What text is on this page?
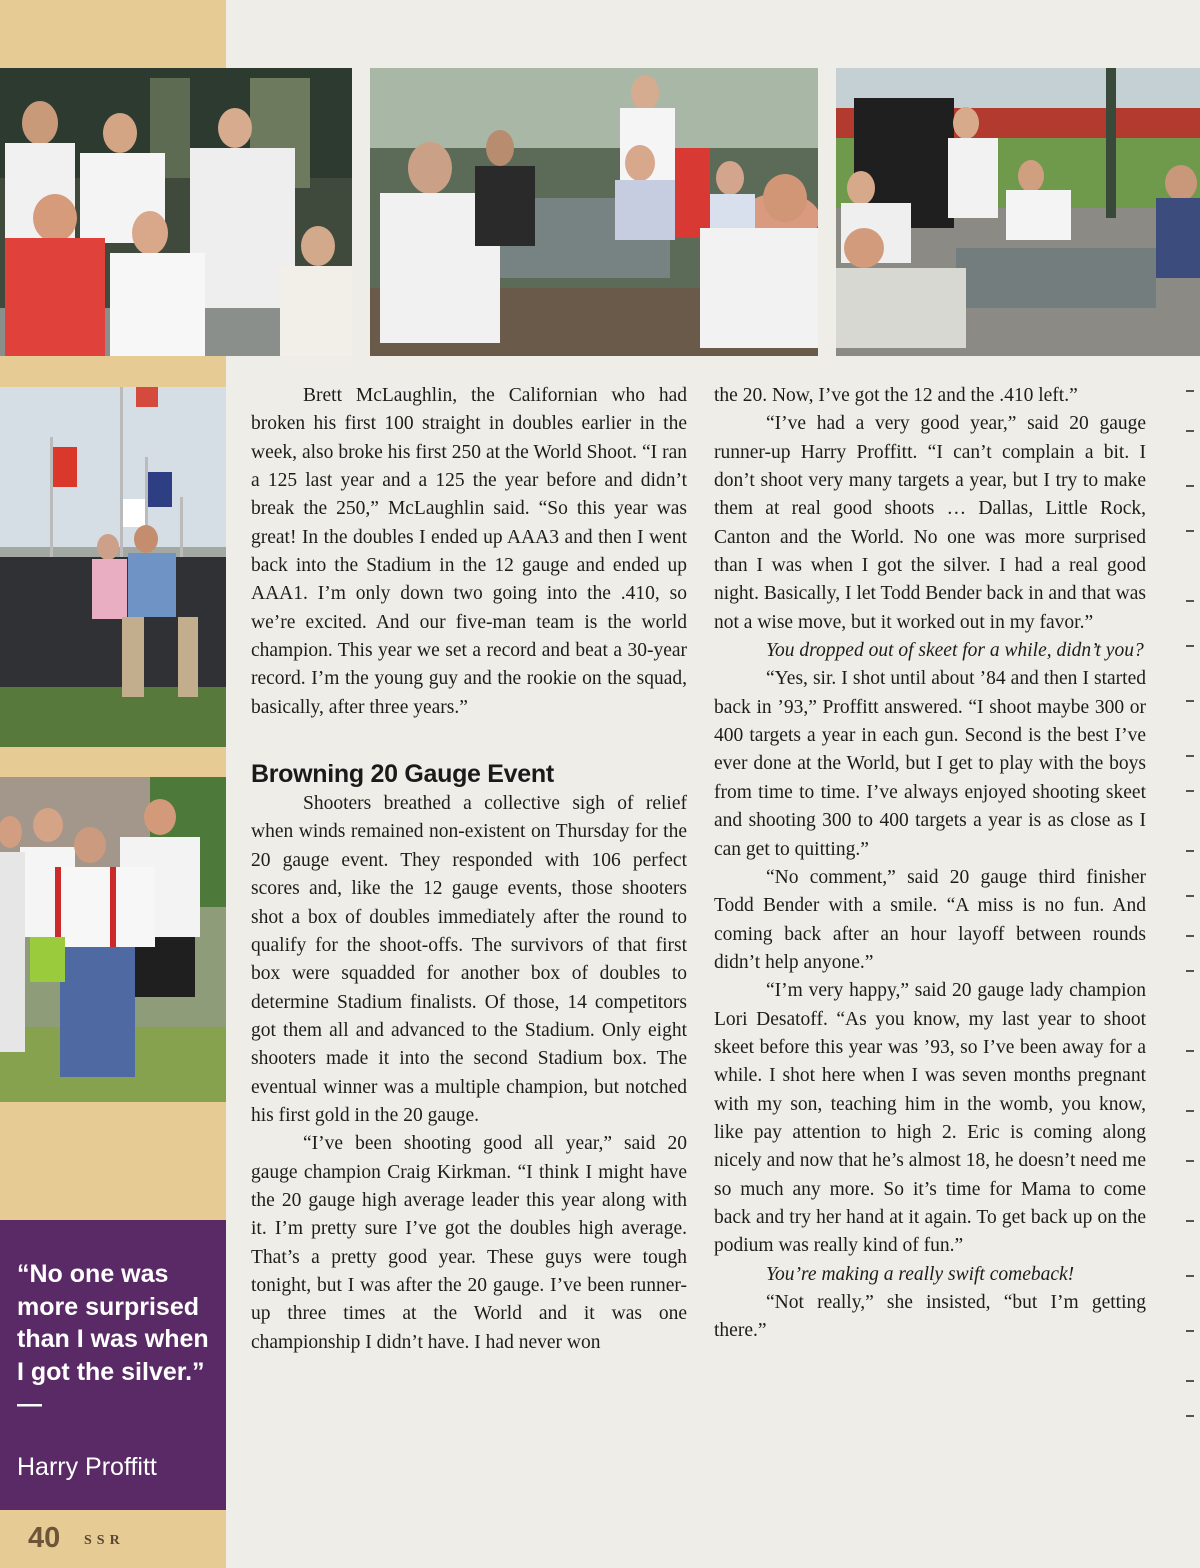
“No one was more surprised than I was when I got the silver.” —

Harry Proffitt

40 SSR

Brett McLaughlin, the Californian who had broken his first 100 straight in doubles earlier in the week, also broke his first 250 at the World Shoot. “I ran a 125 last year and a 125 the year before and didn’t break the 250,” McLaughlin said. “So this year was great! In the doubles I ended up AAA3 and then I went back into the Stadium in the 12 gauge and ended up AAA1. I’m only down two going into the .410, so we’re excited. And our five-man team is the world champion. This year we set a record and beat a 30-year record. I’m the young guy and the rookie on the squad, basically, after three years.”

Browning 20 Gauge Event

Shooters breathed a collective sigh of relief when winds remained non-existent on Thursday for the 20 gauge event. They responded with 106 perfect scores and, like the 12 gauge events, those shooters shot a box of doubles immediately after the round to qualify for the shoot-offs. The survivors of that first box were squadded for another box of doubles to determine Stadium finalists. Of those, 14 competitors got them all and advanced to the Stadium. Only eight shooters made it into the second Stadium box. The eventual winner was a multiple champion, but notched his first gold in the 20 gauge.

“I’ve been shooting good all year,” said 20 gauge champion Craig Kirkman. “I think I might have the 20 gauge high average leader this year along with it. I’m pretty sure I’ve got the doubles high average. That’s a pretty good year. These guys were tough tonight, but I was after the 20 gauge. I’ve been runner-up three times at the World and it was one championship I didn’t have. I had never won

the 20. Now, I’ve got the 12 and the .410 left.”

“I’ve had a very good year,” said 20 gauge runner-up Harry Proffitt. “I can’t complain a bit. I don’t shoot very many targets a year, but I try to make them at real good shoots … Dallas, Little Rock, Canton and the World. No one was more surprised than I was when I got the silver. I had a real good night. Basically, I let Todd Bender back in and that was not a wise move, but it worked out in my favor.”

You dropped out of skeet for a while, didn’t you?

“Yes, sir. I shot until about ’84 and then I started back in ’93,” Proffitt answered. “I shoot maybe 300 or 400 targets a year in each gun. Second is the best I’ve ever done at the World, but I get to play with the boys from time to time. I’ve always enjoyed shooting skeet and shooting 300 to 400 targets a year is as close as I can get to quitting.”

“No comment,” said 20 gauge third finisher Todd Bender with a smile. “A miss is no fun. And coming back after an hour layoff between rounds didn’t help anyone.”

“I’m very happy,” said 20 gauge lady champion Lori Desatoff. “As you know, my last year to shoot skeet before this year was ’93, so I’ve been away for a while. I shot here when I was seven months pregnant with my son, teaching him in the womb, you know, like pay attention to high 2. Eric is coming along nicely and now that he’s almost 18, he doesn’t need me so much any more. So it’s time for Mama to come back and try her hand at it again. To get back up on the podium was really kind of fun.”

You’re making a really swift comeback!

“Not really,” she insisted, “but I’m getting there.”
